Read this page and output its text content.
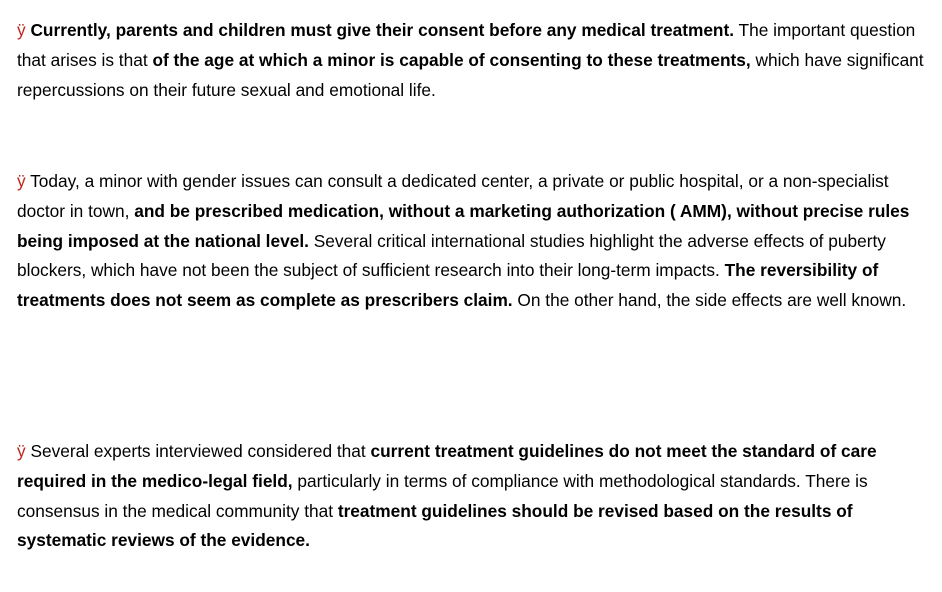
ÿ Currently, parents and children must give their consent before any medical treatment. The important question that arises is that of the age at which a minor is capable of consenting to these treatments, which have significant repercussions on their future sexual and emotional life.

ÿ Today, a minor with gender issues can consult a dedicated center, a private or public hospital, or a non-specialist doctor in town, and be prescribed medication, without a marketing authorization ( AMM), without precise rules being imposed at the national level. Several critical international studies highlight the adverse effects of puberty blockers, which have not been the subject of sufficient research into their long-term impacts. The reversibility of treatments does not seem as complete as prescribers claim. On the other hand, the side effects are well known.

ÿ Several experts interviewed considered that current treatment guidelines do not meet the standard of care required in the medico-legal field, particularly in terms of compliance with methodological standards. There is consensus in the medical community that treatment guidelines should be revised based on the results of systematic reviews of the evidence.
